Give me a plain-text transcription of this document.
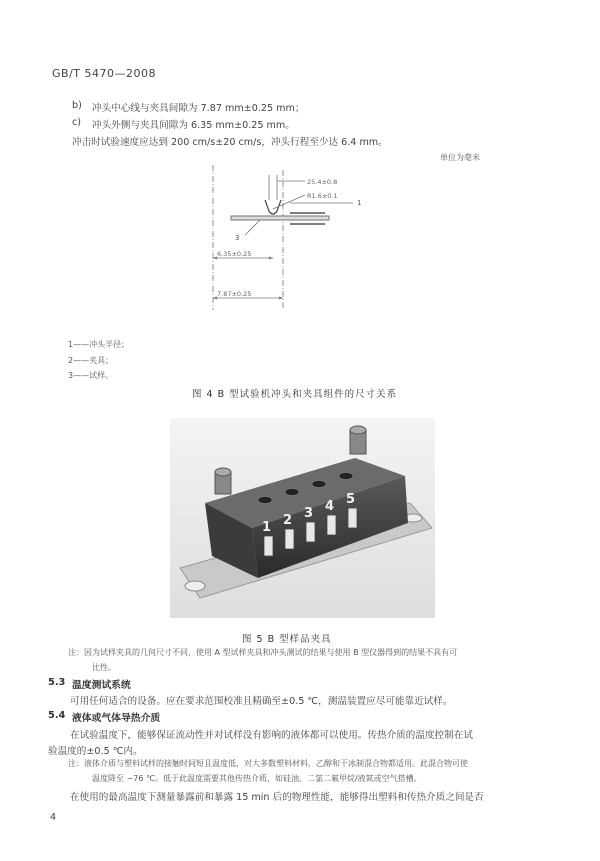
GB/T 5470—2008
b) 冲头中心线与夹具间隙为 7.87 mm±0.25 mm；
c) 冲头外侧与夹具间隙为 6.35 mm±0.25 mm。
冲击时试验速度应达到 200 cm/s±20 cm/s，冲头行程至少达 6.4 mm。
单位为毫米
25.4±0.8
R1.6±0.1
1
3
6.35±0.25
7.87±0.25
1——冲头半径；
2——夹具；
3——试样。
图 4 B 型试验机冲头和夹具组件的尺寸关系
1 2 3 4 5
图 5 B 型样品夹具
注：因为试样夹具的几何尺寸不同，使用 A 型试样夹具和冲头测试的结果与使用 B 型仪器得到的结果不具有可
比性。
5.3 温度测试系统
可用任何适合的设备。应在要求范围校准且精确至±0.5 ℃，测温装置应尽可能靠近试样。
5.4 液体或气体导热介质
在试验温度下，能够保证流动性并对试样没有影响的液体都可以使用。传热介质的温度控制在试
验温度的±0.5 ℃内。
注：液体介质与塑料试样的接触时间短且温度低，对大多数塑料材料，乙醇和干冰制混合物都适用。此混合物可使
温度降至 −76 ℃。低于此温度需要其他传热介质，如硅油、二氯二氟甲烷/液氮或空气搭槽。
在使用的最高温度下测量暴露前和暴露 15 min 后的物理性能，能够得出塑料和传热介质之间是否
4
